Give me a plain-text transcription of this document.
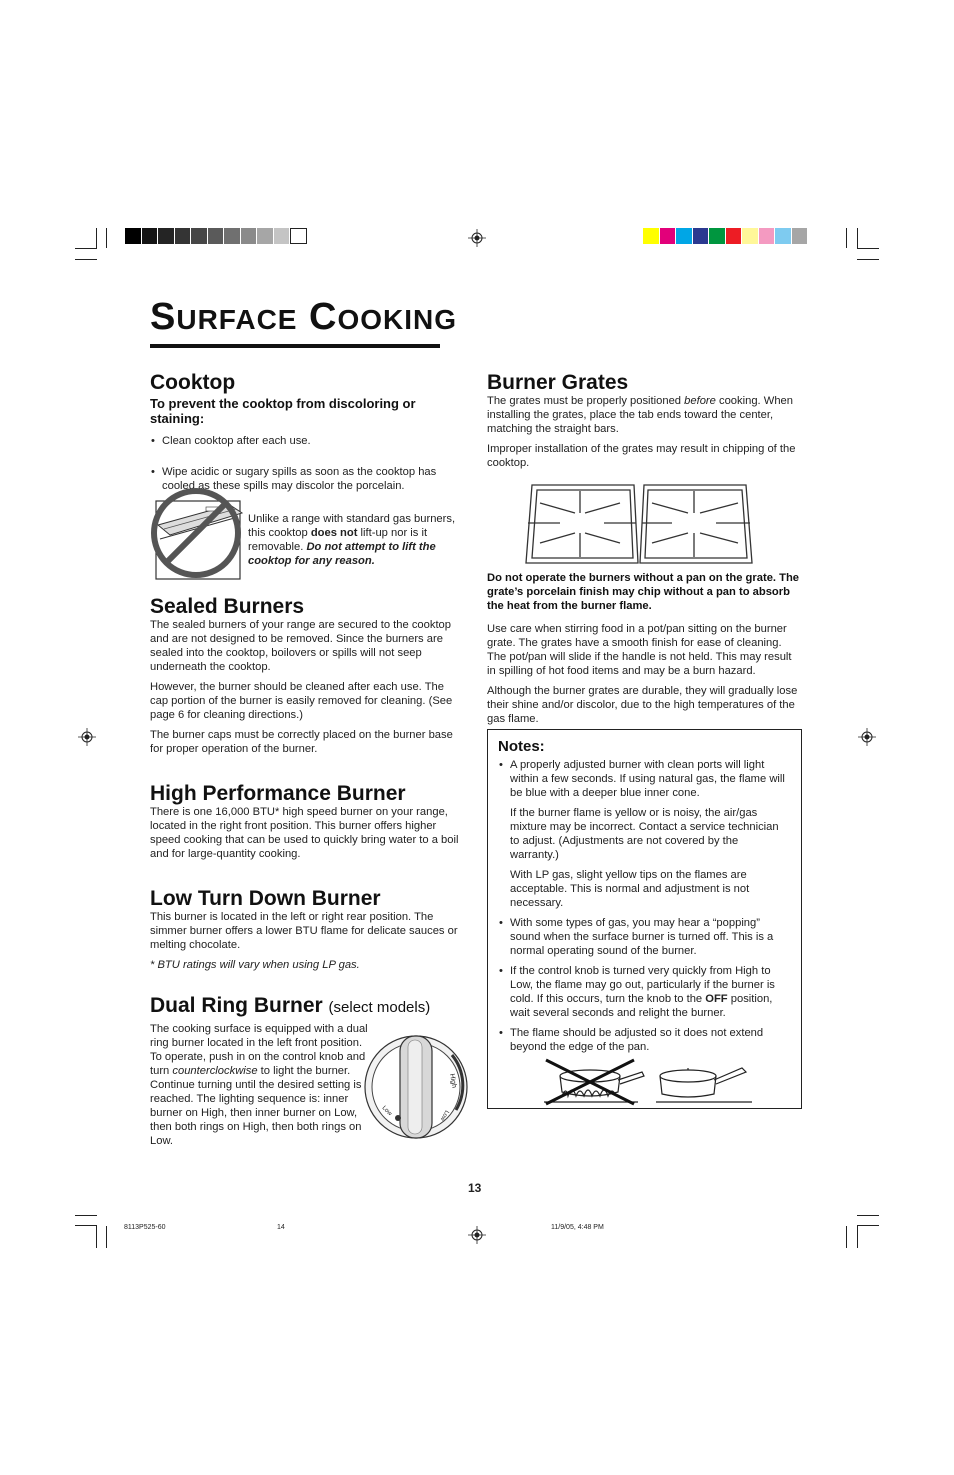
SURFACE COOKING
Cooktop
To prevent the cooktop from discoloring or staining:
• Clean cooktop after each use.
• Wipe acidic or sugary spills as soon as the cooktop has cooled as these spills may discolor the porcelain.

Unlike a range with standard gas burners, this cooktop does not lift-up nor is it removable. Do not attempt to lift the cooktop for any reason.

Sealed Burners

The sealed burners of your range are secured to the cooktop and are not designed to be removed. Since the burners are sealed into the cooktop, boilovers or spills will not seep underneath the cooktop.

However, the burner should be cleaned after each use. The cap portion of the burner is easily removed for cleaning. (See page 6 for cleaning directions.)

The burner caps must be correctly placed on the burner base for proper operation of the burner.

High Performance Burner

There is one 16,000 BTU* high speed burner on your range, located in the right front position. This burner offers higher speed cooking that can be used to quickly bring water to a boil and for large-quantity cooking.

Low Turn Down Burner

This burner is located in the left or right rear position. The simmer burner offers a lower BTU flame for delicate sauces or melting chocolate.

* BTU ratings will vary when using LP gas.

Dual Ring Burner (select models)

The cooking surface is equipped with a dual ring burner located in the left front position. To operate, push in on the control knob and turn counterclockwise to light the burner. Continue turning until the desired setting is reached. The lighting sequence is: inner burner on High, then inner burner on Low, then both rings on High, then both rings on Low.

High
Low
Low
Burner Grates

The grates must be properly positioned before cooking. When installing the grates, place the tab ends toward the center, matching the straight bars.

Improper installation of the grates may result in chipping of the cooktop.

Do not operate the burners without a pan on the grate. The grate’s porcelain finish may chip without a pan to absorb the heat from the burner flame.

Use care when stirring food in a pot/pan sitting on the burner grate. The grates have a smooth finish for ease of cleaning. The pot/pan will slide if the handle is not held. This may result in spilling of hot food items and may be a burn hazard.

Although the burner grates are durable, they will gradually lose their shine and/or discolor, due to the high temperatures of the gas flame.

Notes:

• A properly adjusted burner with clean ports will light within a few seconds. If using natural gas, the flame will be blue with a deeper blue inner cone.

If the burner flame is yellow or is noisy, the air/gas mixture may be incorrect. Contact a service technician to adjust. (Adjustments are not covered by the warranty.)

With LP gas, slight yellow tips on the flames are acceptable. This is normal and adjustment is not necessary.

• With some types of gas, you may hear a “popping” sound when the surface burner is turned off. This is a normal operating sound of the burner.

• If the control knob is turned very quickly from High to Low, the flame may go out, particularly if the burner is cold. If this occurs, turn the knob to the OFF position, wait several seconds and relight the burner.

• The flame should be adjusted so it does not extend beyond the edge of the pan.

13
8113P525-60	14	11/9/05, 4:48 PM
